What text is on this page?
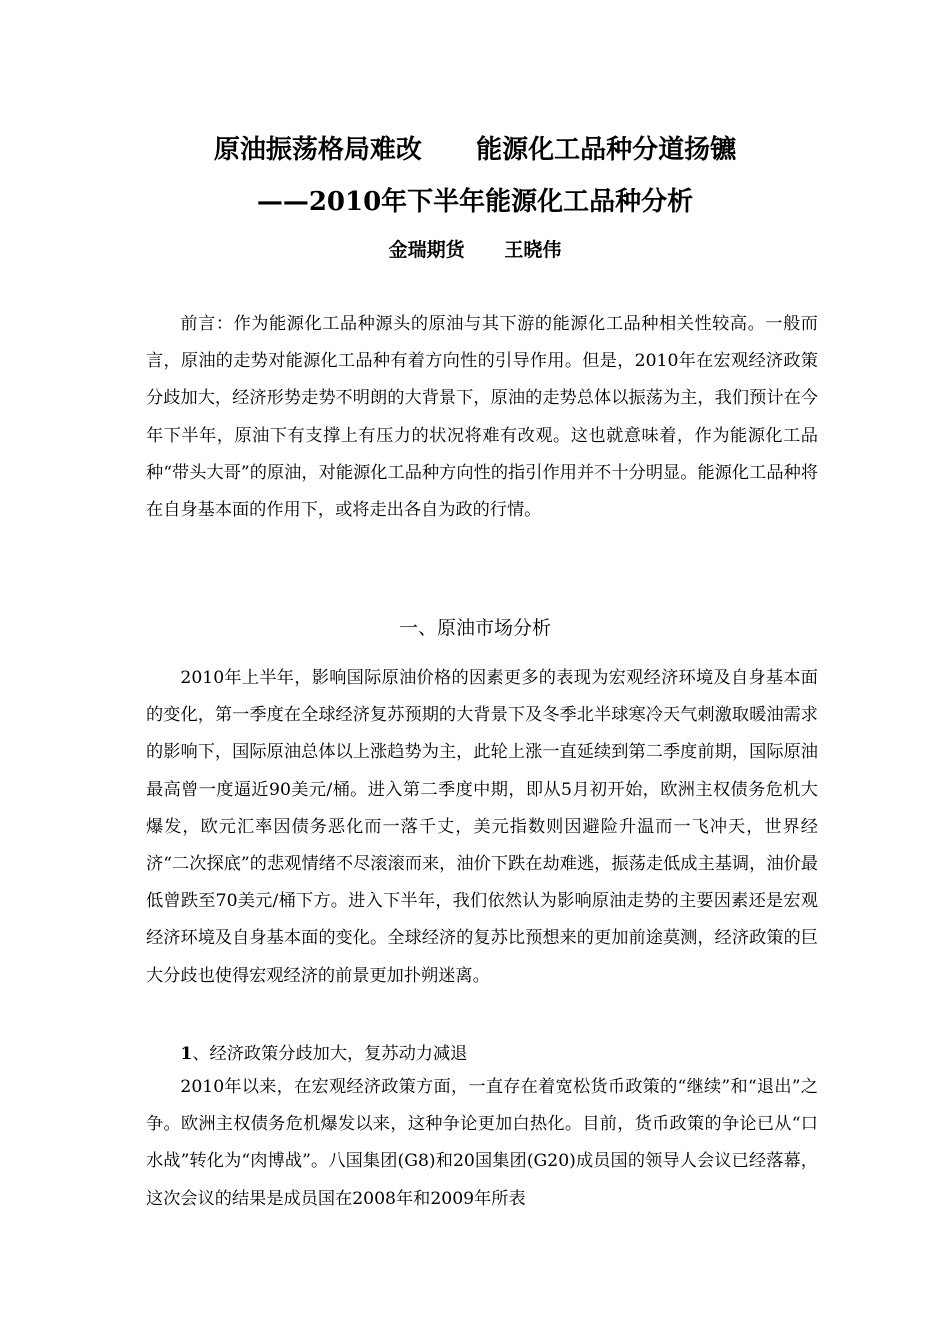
原油振荡格局难改      能源化工品种分道扬镳
——2010年下半年能源化工品种分析
金瑞期货      王晓伟

前言：作为能源化工品种源头的原油与其下游的能源化工品种相关性较高。一般而言，原油的走势对能源化工品种有着方向性的引导作用。但是，2010年在宏观经济政策分歧加大，经济形势走势不明朗的大背景下，原油的走势总体以振荡为主，我们预计在今年下半年，原油下有支撑上有压力的状况将难有改观。这也就意味着，作为能源化工品种“带头大哥”的原油，对能源化工品种方向性的指引作用并不十分明显。能源化工品种将在自身基本面的作用下，或将走出各自为政的行情。

一、原油市场分析

2010年上半年，影响国际原油价格的因素更多的表现为宏观经济环境及自身基本面的变化，第一季度在全球经济复苏预期的大背景下及冬季北半球寒冷天气刺激取暖油需求的影响下，国际原油总体以上涨趋势为主，此轮上涨一直延续到第二季度前期，国际原油最高曾一度逼近90美元/桶。进入第二季度中期，即从5月初开始，欧洲主权债务危机大爆发，欧元汇率因债务恶化而一落千丈，美元指数则因避险升温而一飞冲天，世界经济“二次探底”的悲观情绪不尽滚滚而来，油价下跌在劫难逃，振荡走低成主基调，油价最低曾跌至70美元/桶下方。进入下半年，我们依然认为影响原油走势的主要因素还是宏观经济环境及自身基本面的变化。全球经济的复苏比预想来的更加前途莫测，经济政策的巨大分歧也使得宏观经济的前景更加扑朔迷离。

1、经济政策分歧加大，复苏动力减退

2010年以来，在宏观经济政策方面，一直存在着宽松货币政策的“继续”和“退出”之争。欧洲主权债务危机爆发以来，这种争论更加白热化。目前，货币政策的争论已从“口水战”转化为“肉博战”。八国集团(G8)和20国集团(G20)成员国的领导人会议已经落幕，这次会议的结果是成员国在2008年和2009年所表
